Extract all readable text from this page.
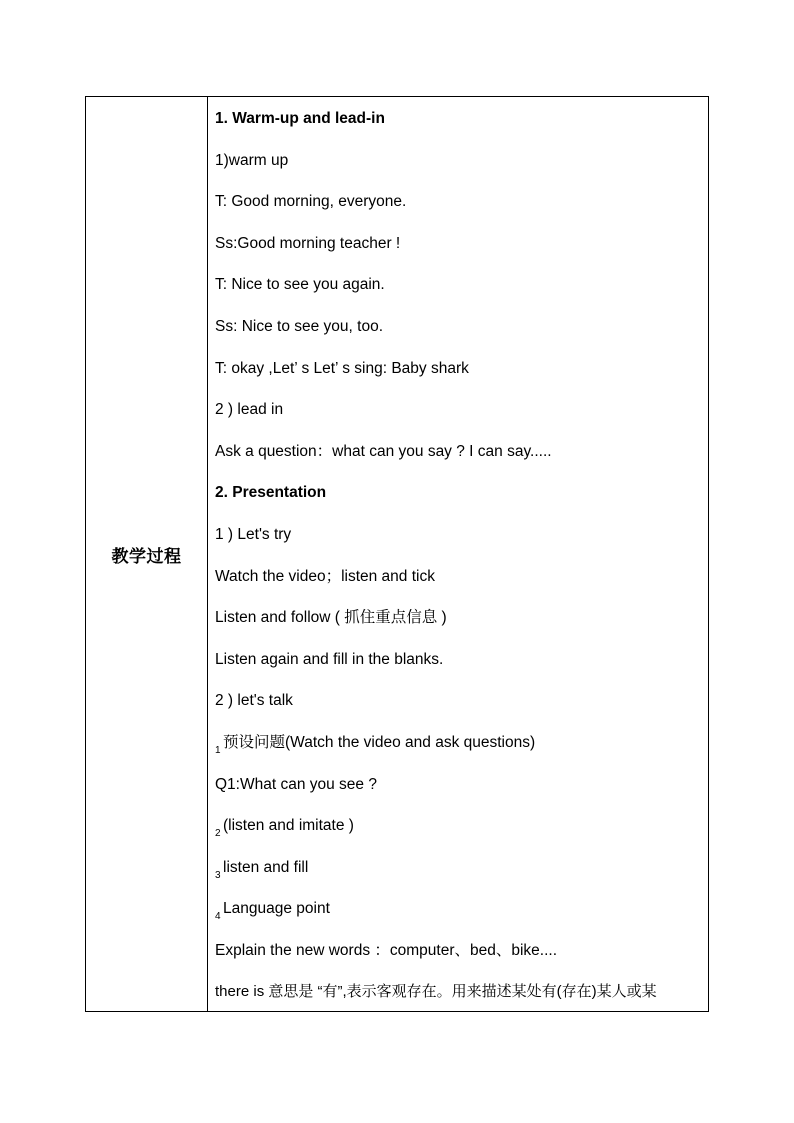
教学过程
1. Warm-up and lead-in
1)warm up
T: Good morning, everyone.
Ss:Good morning teacher !
T: Nice to see you again.
Ss: Nice to see you, too.
T: okay ,Let’ s Let’ s sing: Baby shark
2 ) lead in
Ask a question：what can you say ? I can say.....
2. Presentation
1 ) Let's try
Watch the video；listen and tick
Listen and follow ( 抓住重点信息 )
Listen again and fill in the blanks.
2 ) let's talk
1 预设问题(Watch the video and ask questions)
Q1:What can you see ?
2 (listen and imitate )
3 listen and fill
4 Language point
Explain the new words ：computer、bed、bike....
there is 意思是 “有”,表示客观存在。用来描述某处有(存在)某人或某
